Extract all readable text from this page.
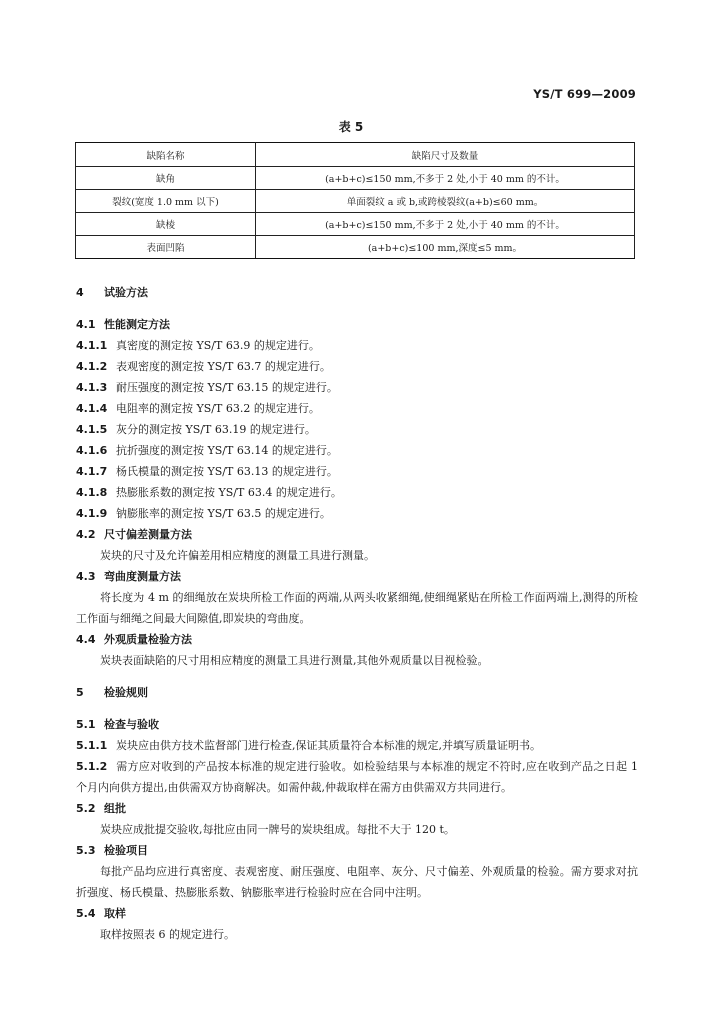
YS/T 699—2009
表 5
缺陷名称	缺陷尺寸及数量
缺角	(a+b+c)≤150 mm,不多于 2 处,小于 40 mm 的不计。
裂纹(宽度 1.0 mm 以下)	单面裂纹 a 或 b,或跨棱裂纹(a+b)≤60 mm。
缺棱	(a+b+c)≤150 mm,不多于 2 处,小于 40 mm 的不计。
表面凹陷	(a+b+c)≤100 mm,深度≤5 mm。
4 试验方法
4.1 性能测定方法
4.1.1 真密度的测定按 YS/T 63.9 的规定进行。
4.1.2 表观密度的测定按 YS/T 63.7 的规定进行。
4.1.3 耐压强度的测定按 YS/T 63.15 的规定进行。
4.1.4 电阻率的测定按 YS/T 63.2 的规定进行。
4.1.5 灰分的测定按 YS/T 63.19 的规定进行。
4.1.6 抗折强度的测定按 YS/T 63.14 的规定进行。
4.1.7 杨氏模量的测定按 YS/T 63.13 的规定进行。
4.1.8 热膨胀系数的测定按 YS/T 63.4 的规定进行。
4.1.9 钠膨胀率的测定按 YS/T 63.5 的规定进行。
4.2 尺寸偏差测量方法
炭块的尺寸及允许偏差用相应精度的测量工具进行测量。
4.3 弯曲度测量方法
将长度为 4 m 的细绳放在炭块所检工作面的两端,从两头收紧细绳,使细绳紧贴在所检工作面两端上,测得的所检工作面与细绳之间最大间隙值,即炭块的弯曲度。
4.4 外观质量检验方法
炭块表面缺陷的尺寸用相应精度的测量工具进行测量,其他外观质量以目视检验。
5 检验规则
5.1 检查与验收
5.1.1 炭块应由供方技术监督部门进行检查,保证其质量符合本标准的规定,并填写质量证明书。
5.1.2 需方应对收到的产品按本标准的规定进行验收。如检验结果与本标准的规定不符时,应在收到产品之日起 1 个月内向供方提出,由供需双方协商解决。如需仲裁,仲裁取样在需方由供需双方共同进行。
5.2 组批
炭块应成批提交验收,每批应由同一牌号的炭块组成。每批不大于 120 t。
5.3 检验项目
每批产品均应进行真密度、表观密度、耐压强度、电阻率、灰分、尺寸偏差、外观质量的检验。需方要求对抗折强度、杨氏模量、热膨胀系数、钠膨胀率进行检验时应在合同中注明。
5.4 取样
取样按照表 6 的规定进行。
